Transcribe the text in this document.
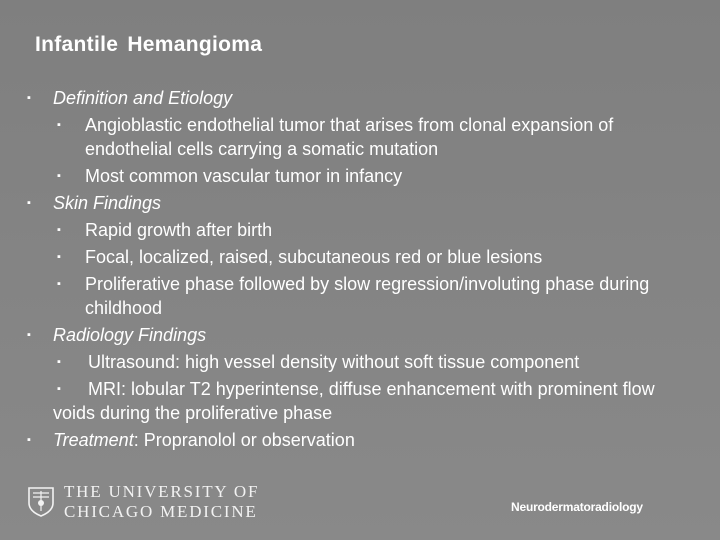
Infantile Hemangioma
▪ Definition and Etiology
▪ Angioblastic endothelial tumor that arises from clonal expansion of endothelial cells carrying a somatic mutation
▪ Most common vascular tumor in infancy
▪ Skin Findings
▪ Rapid growth after birth
▪ Focal, localized, raised, subcutaneous red or blue lesions
▪ Proliferative phase followed by slow regression/involuting phase during childhood
▪ Radiology Findings
▪ Ultrasound: high vessel density without soft tissue component
▪	MRI: lobular T2 hyperintense, diffuse enhancement with prominent flow voids during the proliferative phase
▪ Treatment: Propranolol or observation
THE UNIVERSITY OF
CHICAGO MEDICINE	Neurodermatoradiology
